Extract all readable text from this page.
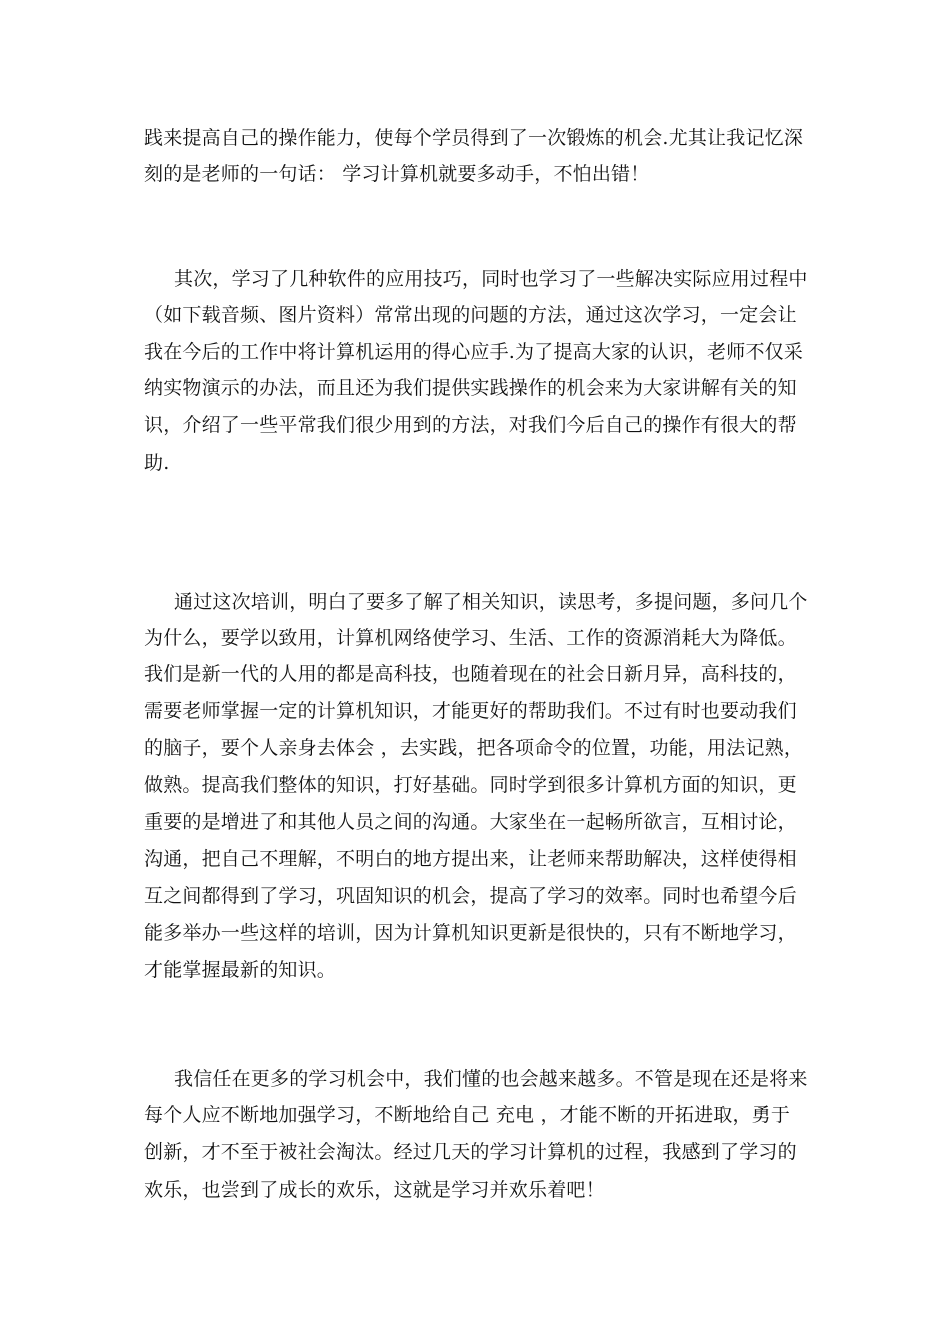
践来提高自己的操作能力，使每个学员得到了一次锻炼的机会.尤其让我记忆深
刻的是老师的一句话： 学习计算机就要多动手，不怕出错！
其次，学习了几种软件的应用技巧，同时也学习了一些解决实际应用过程中
（如下载音频、图片资料）常常出现的问题的方法，通过这次学习，一定会让
我在今后的工作中将计算机运用的得心应手.为了提高大家的认识，老师不仅采
纳实物演示的办法，而且还为我们提供实践操作的机会来为大家讲解有关的知
识，介绍了一些平常我们很少用到的方法，对我们今后自己的操作有很大的帮
助.
通过这次培训，明白了要多了解了相关知识，读思考，多提问题，多问几个
为什么，要学以致用，计算机网络使学习、生活、工作的资源消耗大为降低。
我们是新一代的人用的都是高科技，也随着现在的社会日新月异，高科技的，
需要老师掌握一定的计算机知识，才能更好的帮助我们。不过有时也要动我们
的脑子，要个人亲身去体会 ，去实践，把各项命令的位置，功能，用法记熟，
做熟。提高我们整体的知识，打好基础。同时学到很多计算机方面的知识，更
重要的是增进了和其他人员之间的沟通。大家坐在一起畅所欲言，互相讨论，
沟通，把自己不理解，不明白的地方提出来，让老师来帮助解决，这样使得相
互之间都得到了学习，巩固知识的机会，提高了学习的效率。同时也希望今后
能多举办一些这样的培训，因为计算机知识更新是很快的，只有不断地学习，
才能掌握最新的知识。
我信任在更多的学习机会中，我们懂的也会越来越多。不管是现在还是将来
每个人应不断地加强学习，不断地给自己 充电 ，才能不断的开拓进取，勇于
创新，才不至于被社会淘汰。经过几天的学习计算机的过程，我感到了学习的
欢乐，也尝到了成长的欢乐，这就是学习并欢乐着吧！
